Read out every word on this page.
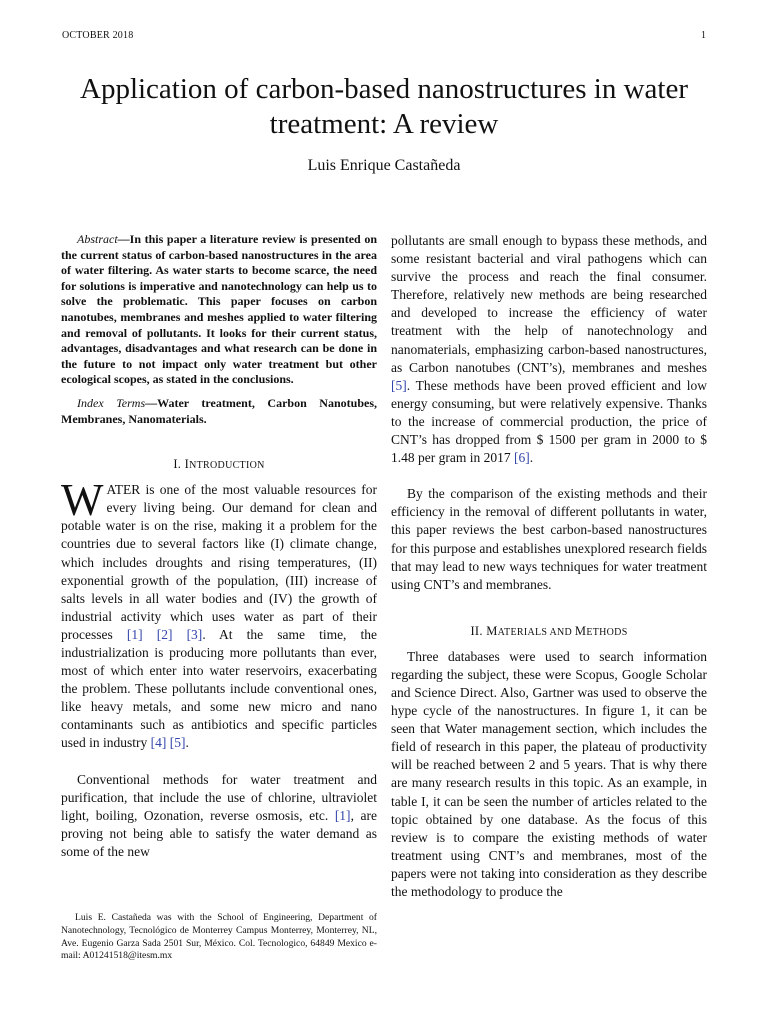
OCTOBER 2018	1
Application of carbon-based nanostructures in water treatment: A review
Luis Enrique Castañeda

Abstract—In this paper a literature review is presented on the current status of carbon-based nanostructures in the area of water filtering. As water starts to become scarce, the need for solutions is imperative and nanotechnology can help us to solve the problematic. This paper focuses on carbon nanotubes, membranes and meshes applied to water filtering and removal of pollutants. It looks for their current status, advantages, disadvantages and what research can be done in the future to not impact only water treatment but other ecological scopes, as stated in the conclusions.

Index Terms—Water treatment, Carbon Nanotubes, Membranes, Nanomaterials.

I. INTRODUCTION

WATER is one of the most valuable resources for every living being. Our demand for clean and potable water is on the rise, making it a problem for the countries due to several factors like (I) climate change, which includes droughts and rising temperatures, (II) exponential growth of the population, (III) increase of salts levels in all water bodies and (IV) the growth of industrial activity which uses water as part of their processes [1] [2] [3]. At the same time, the industrialization is producing more pollutants than ever, most of which enter into water reservoirs, exacerbating the problem. These pollutants include conventional ones, like heavy metals, and some new micro and nano contaminants such as antibiotics and specific particles used in industry [4] [5].

Conventional methods for water treatment and purification, that include the use of chlorine, ultraviolet light, boiling, Ozonation, reverse osmosis, etc. [1], are proving not being able to satisfy the water demand as some of the new

pollutants are small enough to bypass these methods, and some resistant bacterial and viral pathogens which can survive the process and reach the final consumer. Therefore, relatively new methods are being researched and developed to increase the efficiency of water treatment with the help of nanotechnology and nanomaterials, emphasizing carbon-based nanostructures, as Carbon nanotubes (CNT’s), membranes and meshes [5]. These methods have been proved efficient and low energy consuming, but were relatively expensive. Thanks to the increase of commercial production, the price of CNT’s has dropped from $ 1500 per gram in 2000 to $ 1.48 per gram in 2017 [6].

By the comparison of the existing methods and their efficiency in the removal of different pollutants in water, this paper reviews the best carbon-based nanostructures for this purpose and establishes unexplored research fields that may lead to new ways techniques for water treatment using CNT’s and membranes.

II. MATERIALS AND METHODS

Three databases were used to search information regarding the subject, these were Scopus, Google Scholar and Science Direct. Also, Gartner was used to observe the hype cycle of the nanostructures. In figure 1, it can be seen that Water management section, which includes the field of research in this paper, the plateau of productivity will be reached between 2 and 5 years. That is why there are many research results in this topic. As an example, in table I, it can be seen the number of articles related to the topic obtained by one database. As the focus of this review is to compare the existing methods of water treatment using CNT’s and membranes, most of the papers were not taking into consideration as they describe the methodology to produce the

Luis E. Castañeda was with the School of Engineering, Department of Nanotechnology, Tecnológico de Monterrey Campus Monterrey, Monterrey, NL, Ave. Eugenio Garza Sada 2501 Sur, México. Col. Tecnologico, 64849 Mexico e-mail: A01241518@itesm.mx
